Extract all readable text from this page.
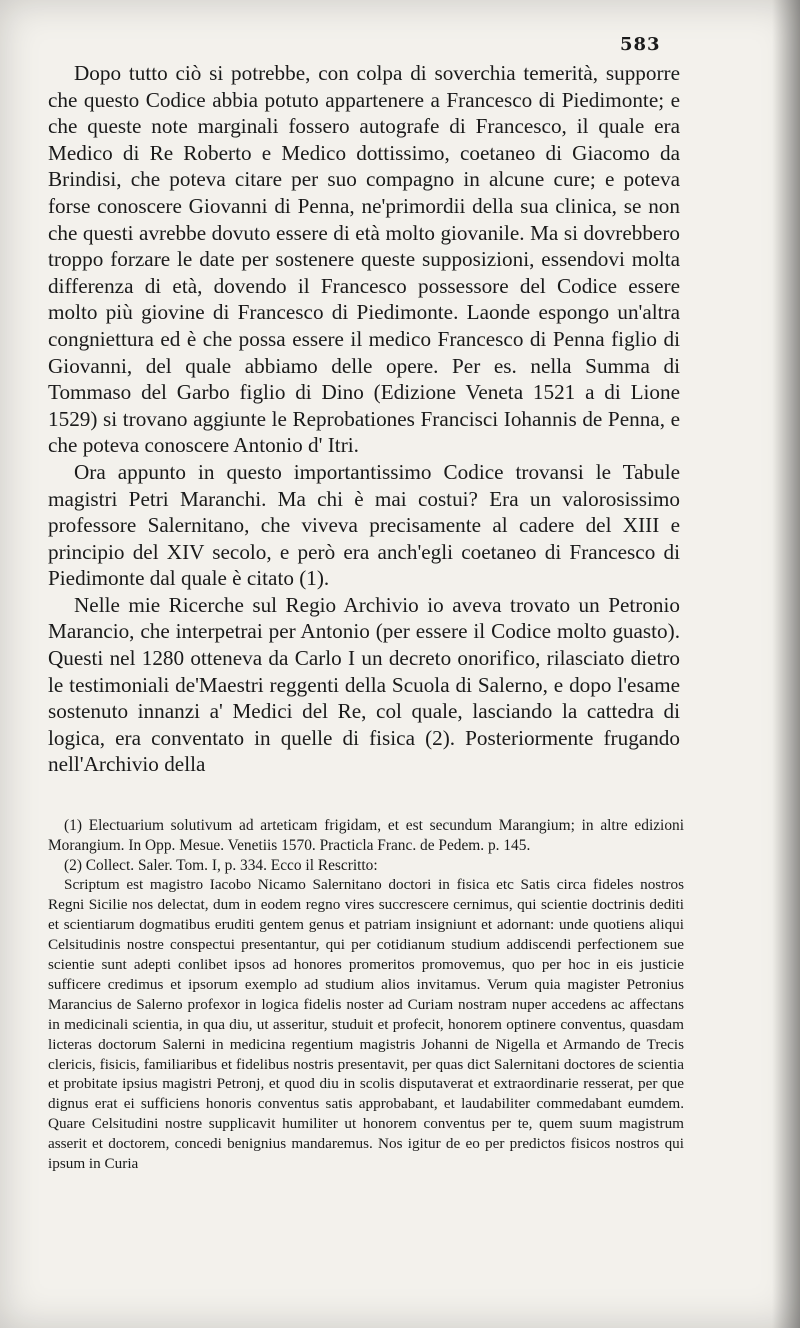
583

Dopo tutto ciò si potrebbe, con colpa di soverchia temerità, supporre che questo Codice abbia potuto appartenere a Francesco di Piedimonte; e che queste note marginali fossero autografe di Francesco, il quale era Medico di Re Roberto e Medico dottissimo, coetaneo di Giacomo da Brindisi, che poteva citare per suo compagno in alcune cure; e poteva forse conoscere Giovanni di Penna, ne'primordii della sua clinica, se non che questi avrebbe dovuto essere di età molto giovanile. Ma si dovrebbero troppo forzare le date per sostenere queste supposizioni, essendovi molta differenza di età, dovendo il Francesco possessore del Codice essere molto più giovine di Francesco di Piedimonte. Laonde espongo un'altra congniettura ed è che possa essere il medico Francesco di Penna figlio di Giovanni, del quale abbiamo delle opere. Per es. nella Summa di Tommaso del Garbo figlio di Dino (Edizione Veneta 1521 a di Lione 1529) si trovano aggiunte le Reprobationes Francisci Iohannis de Penna, e che poteva conoscere Antonio d' Itri.

Ora appunto in questo importantissimo Codice trovansi le Tabule magistri Petri Maranchi. Ma chi è mai costui? Era un valorosissimo professore Salernitano, che viveva precisamente al cadere del XIII e principio del XIV secolo, e però era anch'egli coetaneo di Francesco di Piedimonte dal quale è citato (1).

Nelle mie Ricerche sul Regio Archivio io aveva trovato un Petronio Marancio, che interpetrai per Antonio (per essere il Codice molto guasto). Questi nel 1280 otteneva da Carlo I un decreto onorifico, rilasciato dietro le testimoniali de'Maestri reggenti della Scuola di Salerno, e dopo l'esame sostenuto innanzi a' Medici del Re, col quale, lasciando la cattedra di logica, era conventato in quelle di fisica (2). Posteriormente frugando nell'Archivio della

(1) Electuarium solutivum ad arteticam frigidam, et est secundum Marangium; in altre edizioni Morangium. In Opp. Mesue. Venetiis 1570. Practicla Franc. de Pedem. p. 145.

(2) Collect. Saler. Tom. I, p. 334. Ecco il Rescritto:

Scriptum est magistro Iacobo Nicamo Salernitano doctori in fisica etc Satis circa fideles nostros Regni Sicilie nos delectat, dum in eodem regno vires succrescere cernimus, qui scientie doctrinis dediti et scientiarum dogmatibus eruditi gentem genus et patriam insigniunt et adornant: unde quotiens aliqui Celsitudinis nostre conspectui presentantur, qui per cotidianum studium addiscendi perfectionem sue scientie sunt adepti conlibet ipsos ad honores promeritos promovemus, quo per hoc in eis justicie sufficere credimus et ipsorum exemplo ad studium alios invitamus. Verum quia magister Petronius Marancius de Salerno profexor in logica fidelis noster ad Curiam nostram nuper accedens ac affectans in medicinali scientia, in qua diu, ut asseritur, studuit et profecit, honorem optinere conventus, quasdam licteras doctorum Salerni in medicina regentium magistris Johanni de Nigella et Armando de Trecis clericis, fisicis, familiaribus et fidelibus nostris presentavit, per quas dict Salernitani doctores de scientia et probitate ipsius magistri Petronj, et quod diu in scolis disputaverat et extraordinarie resserat, per que dignus erat ei sufficiens honoris conventus satis approbabant, et laudabiliter commedabant eumdem. Quare Celsitudini nostre supplicavit humiliter ut honorem conventus per te, quem suum magistrum asserit et doctorem, concedi benignius mandaremus. Nos igitur de eo per predictos fisicos nostros qui ipsum in Curia
